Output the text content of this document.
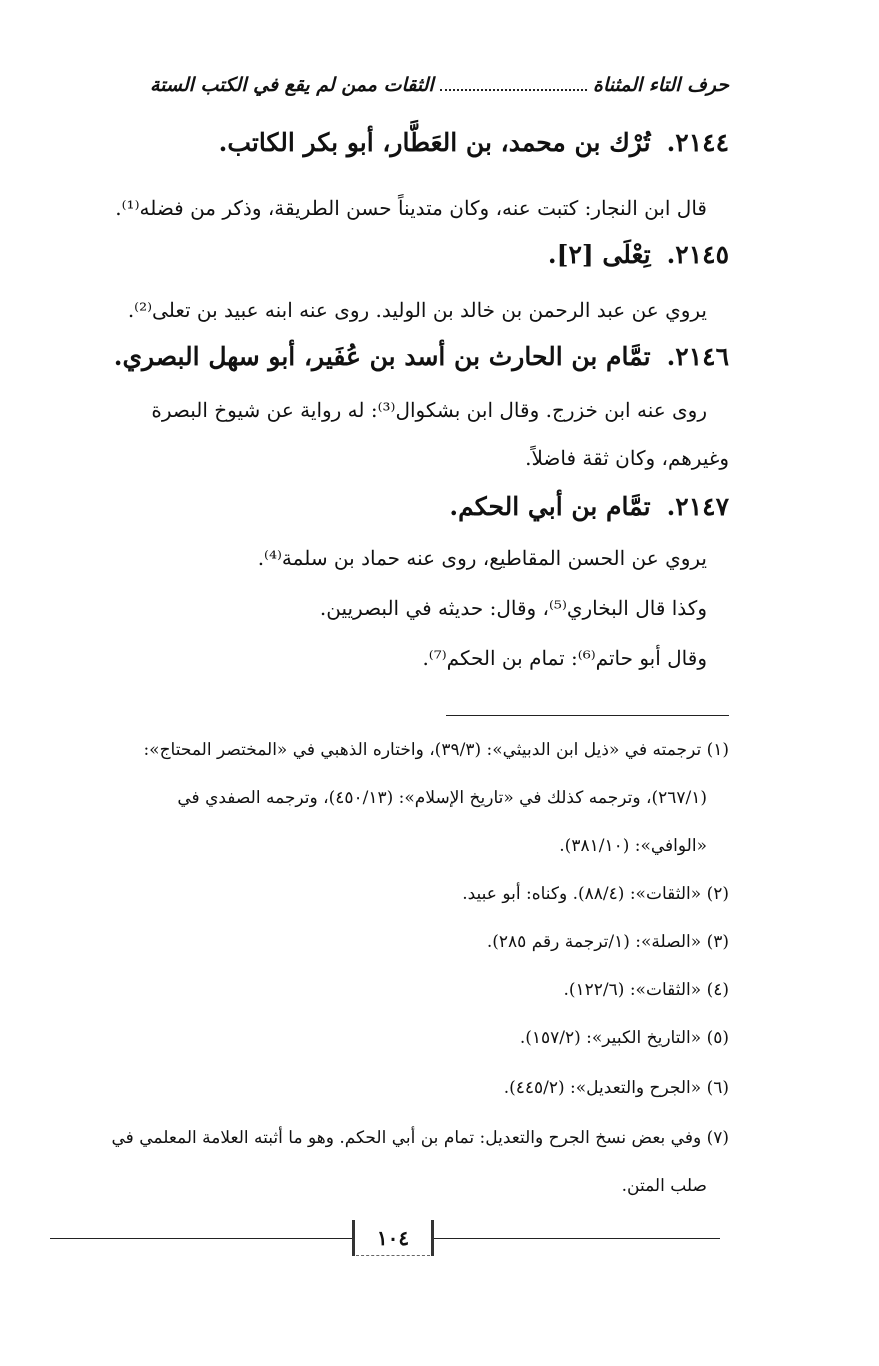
حرف التاء المثناة
الثقات ممن لم يقع في الكتب الستة
٢١٤٤.تُرْك بن محمد، بن العَطَّار، أبو بكر الكاتب.
قال ابن النجار: كتبت عنه، وكان متديناً حسن الطريقة، وذكر من فضله⁽¹⁾.
٢١٤٥.تِعْلَى [٢].
يروي عن عبد الرحمن بن خالد بن الوليد. روى عنه ابنه عبيد بن تعلى⁽²⁾.
٢١٤٦.تمَّام بن الحارث بن أسد بن عُفَير، أبو سهل البصري.
روى عنه ابن خزرج. وقال ابن بشكوال⁽³⁾: له رواية عن شيوخ البصرة
وغيرهم، وكان ثقة فاضلاً.
٢١٤٧.تمَّام بن أبي الحكم.
يروي عن الحسن المقاطيع، روى عنه حماد بن سلمة⁽⁴⁾.
وكذا قال البخاري⁽⁵⁾، وقال: حديثه في البصريين.
وقال أبو حاتم⁽⁶⁾: تمام بن الحكم⁽⁷⁾.
(١) ترجمته في «ذيل ابن الدبيثي»: (٣٩/٣)، واختاره الذهبي في «المختصر المحتاج»:
(٢٦٧/١)، وترجمه كذلك في «تاريخ الإسلام»: (٤٥٠/١٣)، وترجمه الصفدي في
«الوافي»: (٣٨١/١٠).
(٢) «الثقات»: (٨٨/٤). وكناه: أبو عبيد.
(٣) «الصلة»: (١/ترجمة رقم ٢٨٥).
(٤) «الثقات»: (١٢٢/٦).
(٥) «التاريخ الكبير»: (١٥٧/٢).
(٦) «الجرح والتعديل»: (٤٤٥/٢).
(٧) وفي بعض نسخ الجرح والتعديل: تمام بن أبي الحكم. وهو ما أثبته العلامة المعلمي في
صلب المتن.
١٠٤
